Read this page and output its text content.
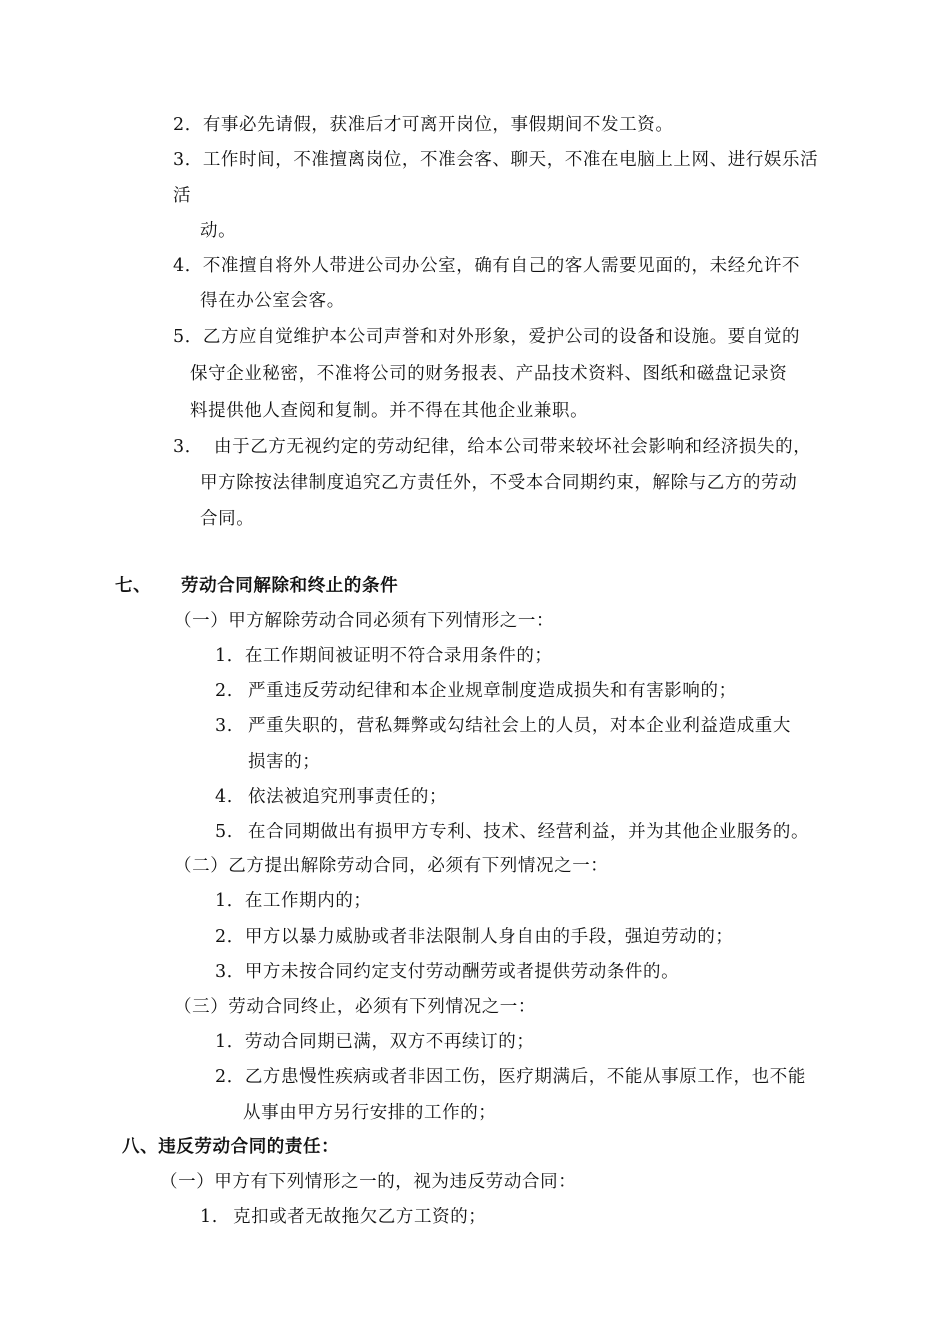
2．有事必先请假，获准后才可离开岗位，事假期间不发工资。
3．工作时间，不准擅离岗位，不准会客、聊天，不准在电脑上上网、进行娱乐活
活
动。
4．不准擅自将外人带进公司办公室，确有自己的客人需要见面的，未经允许不
得在办公室会客。
5．乙方应自觉维护本公司声誉和对外形象，爱护公司的设备和设施。要自觉的
保守企业秘密，不准将公司的财务报表、产品技术资料、图纸和磁盘记录资
料提供他人查阅和复制。并不得在其他企业兼职。
3． 由于乙方无视约定的劳动纪律，给本公司带来较坏社会影响和经济损失的，
甲方除按法律制度追究乙方责任外，不受本合同期约束，解除与乙方的劳动
合同。
七、 劳动合同解除和终止的条件
（一）甲方解除劳动合同必须有下列情形之一：
1．在工作期间被证明不符合录用条件的；
2. 严重违反劳动纪律和本企业规章制度造成损失和有害影响的；
3. 严重失职的，营私舞弊或勾结社会上的人员，对本企业利益造成重大
损害的；
4. 依法被追究刑事责任的；
5. 在合同期做出有损甲方专利、技术、经营利益，并为其他企业服务的。
（二）乙方提出解除劳动合同，必须有下列情况之一：
1．在工作期内的；
2．甲方以暴力威胁或者非法限制人身自由的手段，强迫劳动的；
3．甲方未按合同约定支付劳动酬劳或者提供劳动条件的。
（三）劳动合同终止，必须有下列情况之一：
1．劳动合同期已满，双方不再续订的；
2．乙方患慢性疾病或者非因工伤，医疗期满后，不能从事原工作，也不能
从事由甲方另行安排的工作的；
八、违反劳动合同的责任：
（一）甲方有下列情形之一的，视为违反劳动合同：
1. 克扣或者无故拖欠乙方工资的；
